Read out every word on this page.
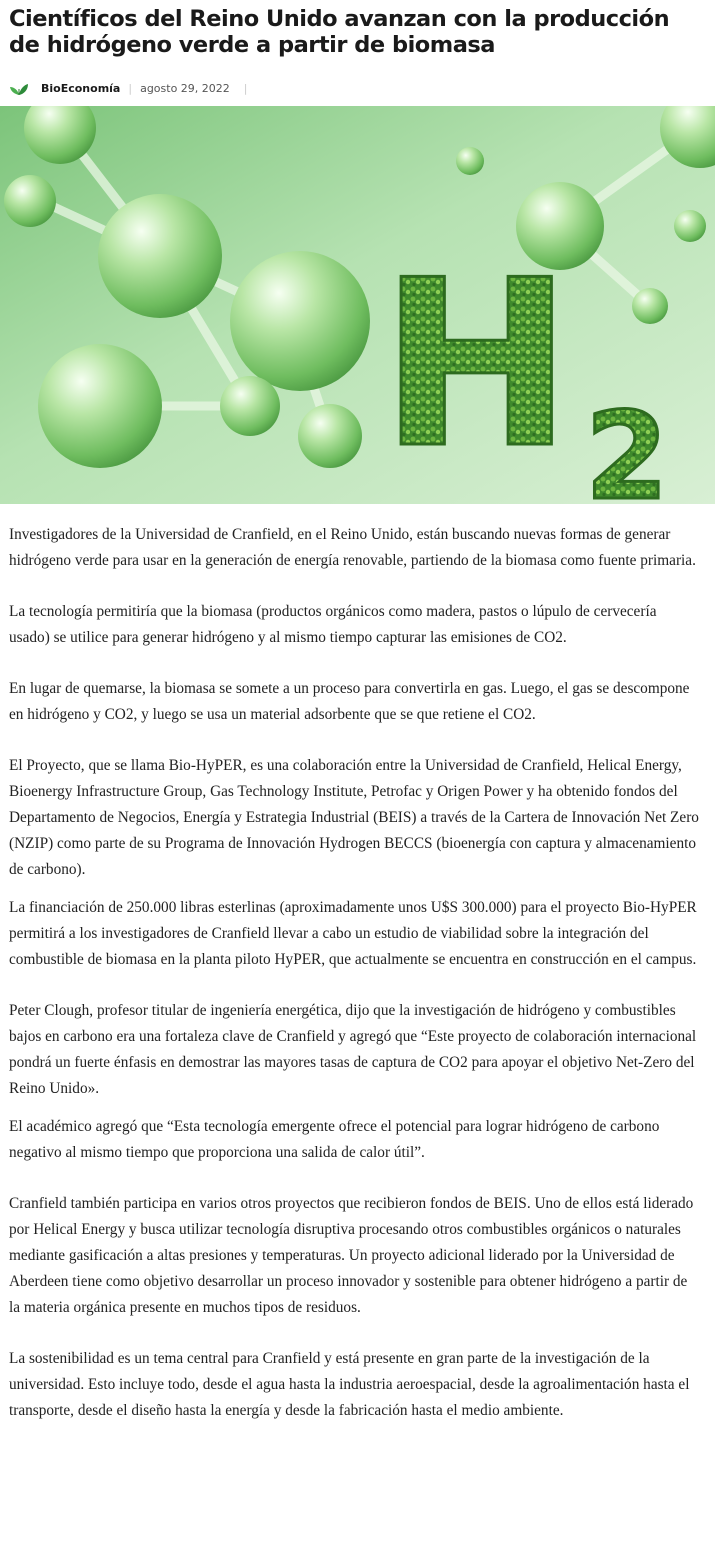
Científicos del Reino Unido avanzan con la producción de hidrógeno verde a partir de biomasa
BioEconomía | agosto 29, 2022 |
H 2

Investigadores de la Universidad de Cranfield, en el Reino Unido, están buscando nuevas formas de generar hidrógeno verde para usar en la generación de energía renovable, partiendo de la biomasa como fuente primaria.

La tecnología permitiría que la biomasa (productos orgánicos como madera, pastos o lúpulo de cervecería usado) se utilice para generar hidrógeno y al mismo tiempo capturar las emisiones de CO2.

En lugar de quemarse, la biomasa se somete a un proceso para convertirla en gas. Luego, el gas se descompone en hidrógeno y CO2, y luego se usa un material adsorbente que se que retiene el CO2.

El Proyecto, que se llama Bio-HyPER, es una colaboración entre la Universidad de Cranfield, Helical Energy, Bioenergy Infrastructure Group, Gas Technology Institute, Petrofac y Origen Power y ha obtenido fondos del Departamento de Negocios, Energía y Estrategia Industrial (BEIS) a través de la Cartera de Innovación Net Zero (NZIP) como parte de su Programa de Innovación Hydrogen BECCS (bioenergía con captura y almacenamiento de carbono).

La financiación de 250.000 libras esterlinas (aproximadamente unos U$S 300.000) para el proyecto Bio-HyPER permitirá a los investigadores de Cranfield llevar a cabo un estudio de viabilidad sobre la integración del combustible de biomasa en la planta piloto HyPER, que actualmente se encuentra en construcción en el campus.

Peter Clough, profesor titular de ingeniería energética, dijo que la investigación de hidrógeno y combustibles bajos en carbono era una fortaleza clave de Cranfield y agregó que “Este proyecto de colaboración internacional pondrá un fuerte énfasis en demostrar las mayores tasas de captura de CO2 para apoyar el objetivo Net-Zero del Reino Unido».

El académico agregó que “Esta tecnología emergente ofrece el potencial para lograr hidrógeno de carbono negativo al mismo tiempo que proporciona una salida de calor útil”.

Cranfield también participa en varios otros proyectos que recibieron fondos de BEIS. Uno de ellos está liderado por Helical Energy y busca utilizar tecnología disruptiva procesando otros combustibles orgánicos o naturales mediante gasificación a altas presiones y temperaturas. Un proyecto adicional liderado por la Universidad de Aberdeen tiene como objetivo desarrollar un proceso innovador y sostenible para obtener hidrógeno a partir de la materia orgánica presente en muchos tipos de residuos.

La sostenibilidad es un tema central para Cranfield y está presente en gran parte de la investigación de la universidad. Esto incluye todo, desde el agua hasta la industria aeroespacial, desde la agroalimentación hasta el transporte, desde el diseño hasta la energía y desde la fabricación hasta el medio ambiente.
